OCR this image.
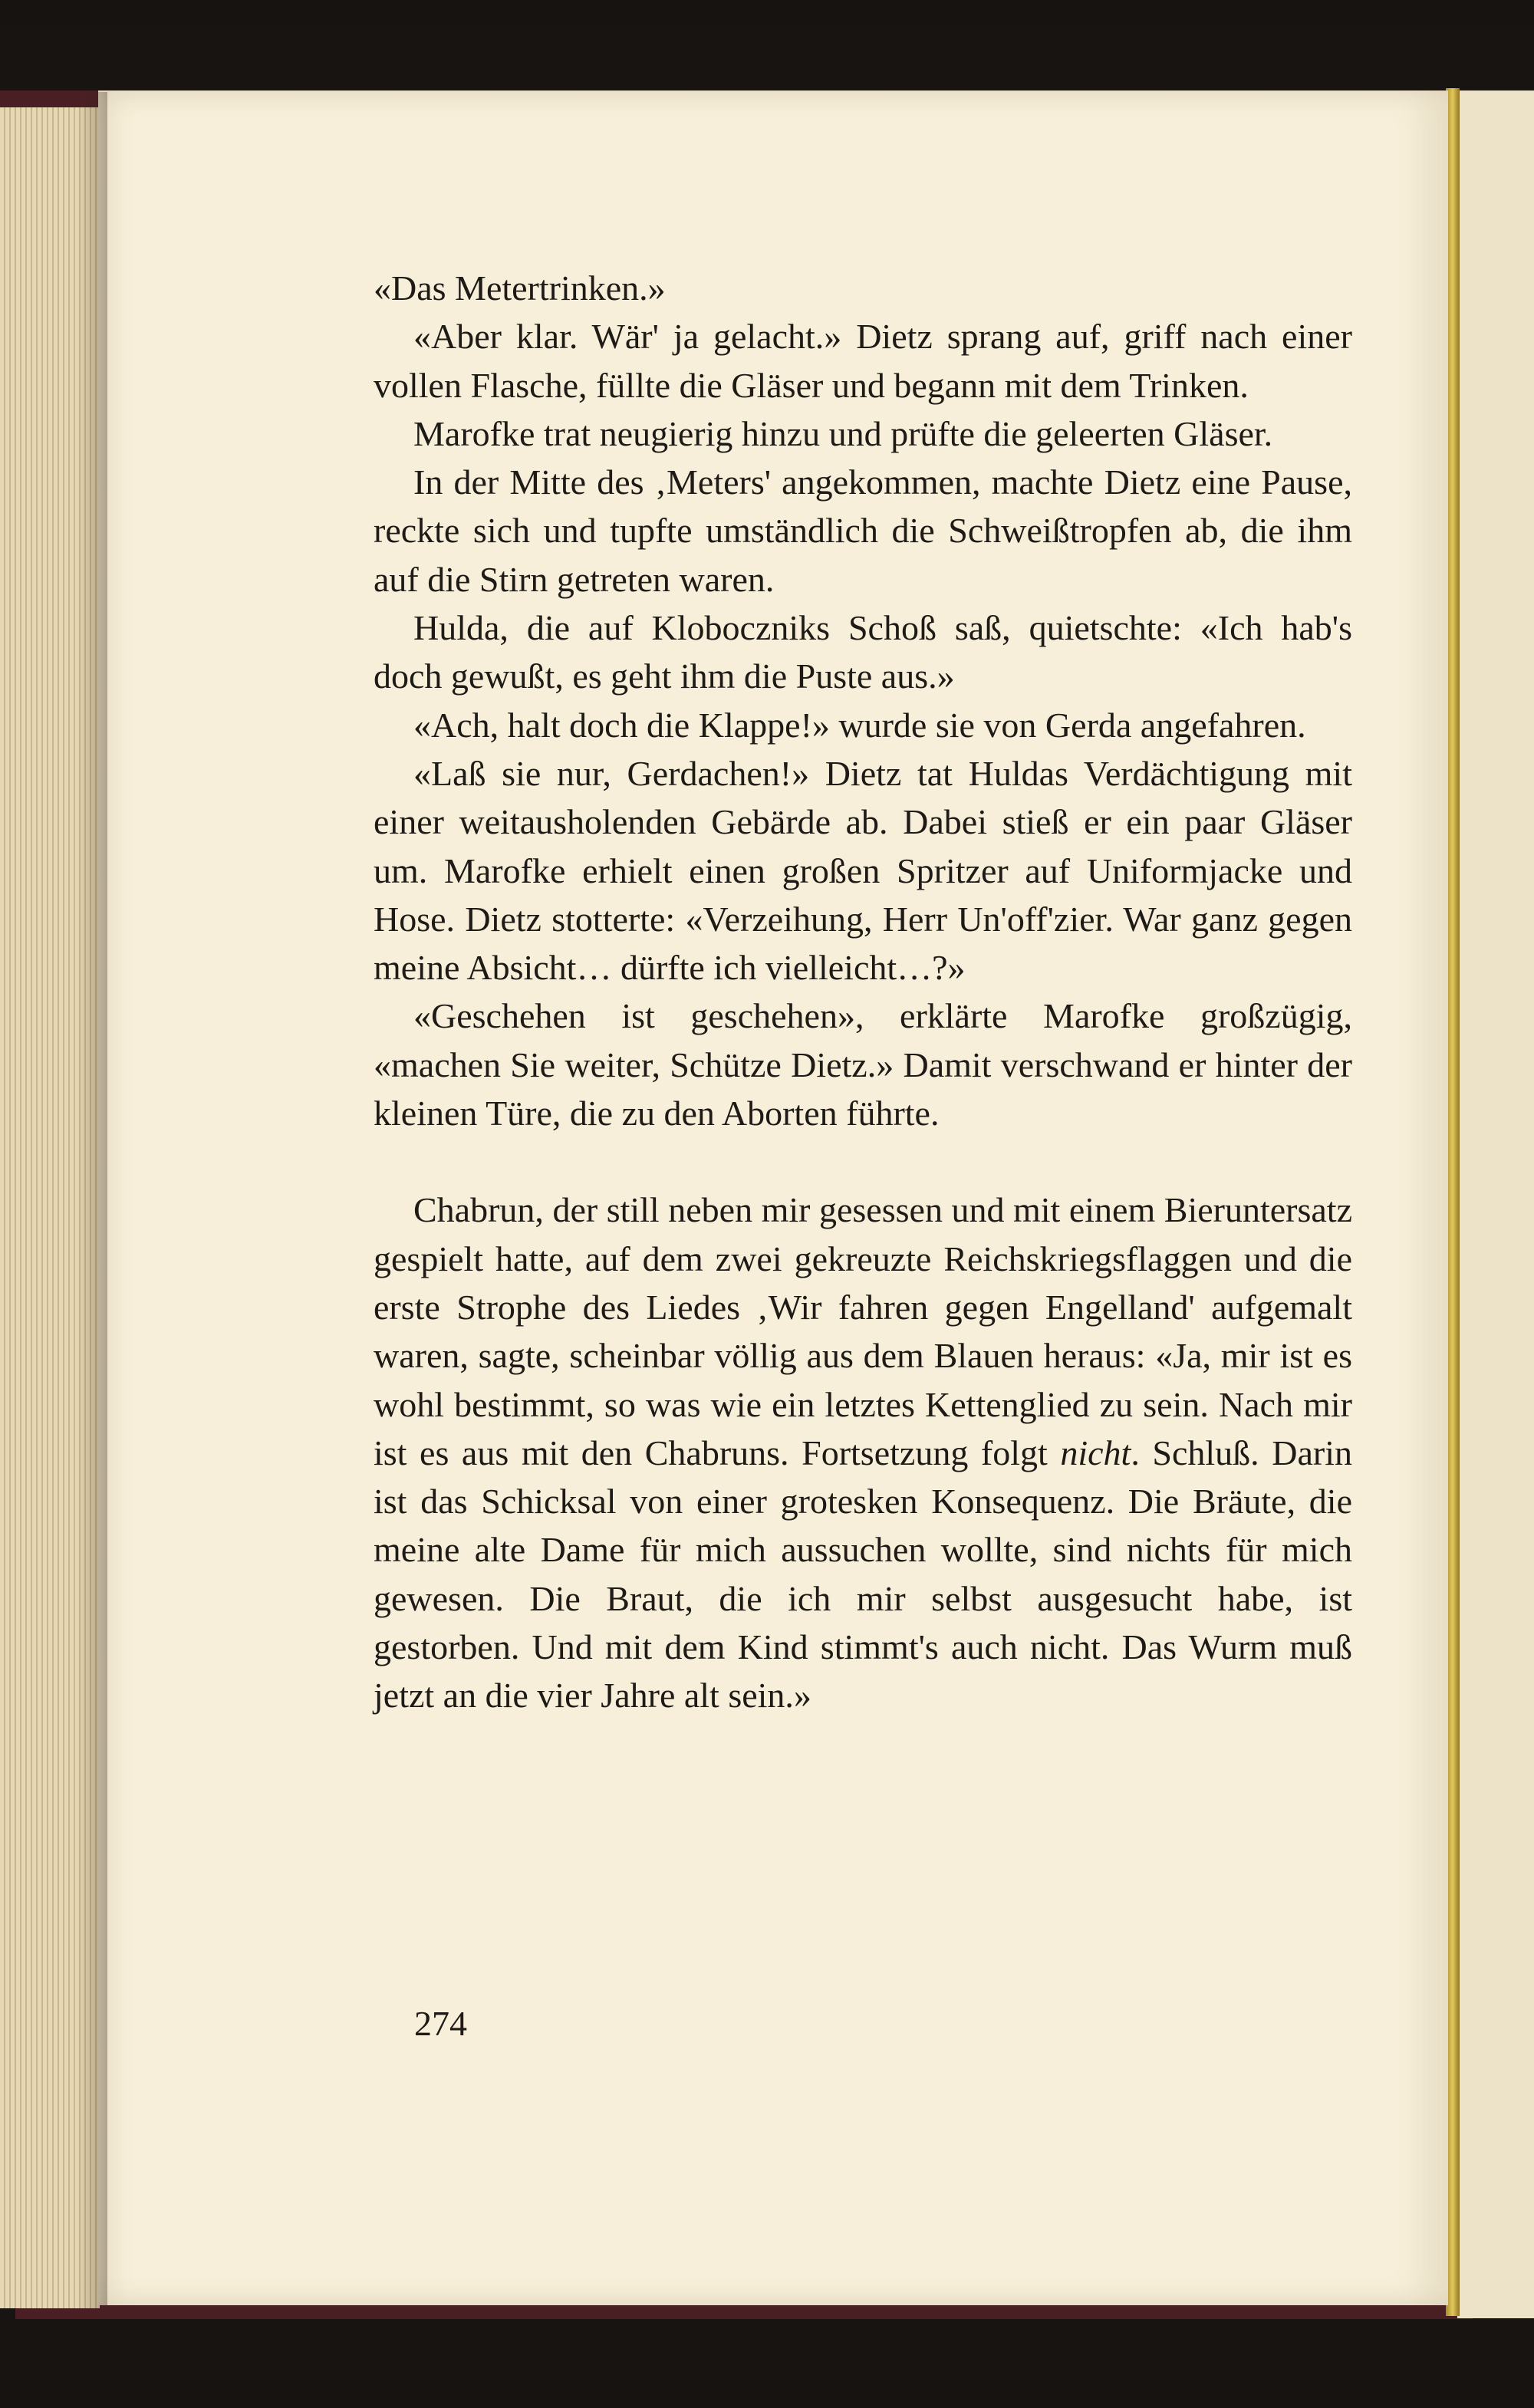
«Das Metertrinken.»

«Aber klar. Wär' ja gelacht.» Dietz sprang auf, griff nach einer vollen Flasche, füllte die Gläser und begann mit dem Trinken.

Marofke trat neugierig hinzu und prüfte die geleerten Gläser.

In der Mitte des ‚Meters' angekommen, machte Dietz eine Pause, reckte sich und tupfte umständlich die Schweißtropfen ab, die ihm auf die Stirn getreten waren.

Hulda, die auf Kloboczniks Schoß saß, quietschte: «Ich hab's doch gewußt, es geht ihm die Puste aus.»

«Ach, halt doch die Klappe!» wurde sie von Gerda angefahren.

«Laß sie nur, Gerdachen!» Dietz tat Huldas Verdächtigung mit einer weitausholenden Gebärde ab. Dabei stieß er ein paar Gläser um. Marofke erhielt einen großen Spritzer auf Uniformjacke und Hose. Dietz stotterte: «Verzeihung, Herr Un'off'zier. War ganz gegen meine Absicht… dürfte ich vielleicht…?»

«Geschehen ist geschehen», erklärte Marofke großzügig, «machen Sie weiter, Schütze Dietz.» Damit verschwand er hinter der kleinen Türe, die zu den Aborten führte.

Chabrun, der still neben mir gesessen und mit einem Bieruntersatz gespielt hatte, auf dem zwei gekreuzte Reichskriegsflaggen und die erste Strophe des Liedes ‚Wir fahren gegen Engelland' aufgemalt waren, sagte, scheinbar völlig aus dem Blauen heraus: «Ja, mir ist es wohl bestimmt, so was wie ein letztes Kettenglied zu sein. Nach mir ist es aus mit den Chabruns. Fortsetzung folgt nicht. Schluß. Darin ist das Schicksal von einer grotesken Konsequenz. Die Bräute, die meine alte Dame für mich aussuchen wollte, sind nichts für mich gewesen. Die Braut, die ich mir selbst ausgesucht habe, ist gestorben. Und mit dem Kind stimmt's auch nicht. Das Wurm muß jetzt an die vier Jahre alt sein.»

274
